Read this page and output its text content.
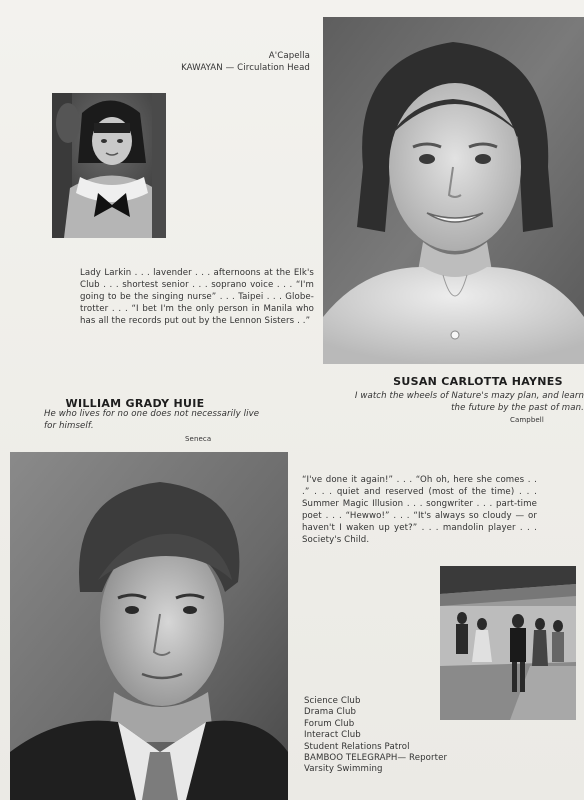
A'Capella
KAWAYAN — Circulation Head
Lady Larkin . . . lavender . . . afternoons at the Elk's Club . . . shortest senior . . . soprano voice . . . “I'm going to be the singing nurse” . . . Taipei . . . Globe-trotter . . . “I bet I'm the only person in Manila who has all the records put out by the Lennon Sisters . .”
WILLIAM GRADY HUIE
He who lives for no one does not necessarily live for himself.
Seneca
SUSAN CARLOTTA HAYNES
I watch the wheels of Nature's mazy plan, and learn the future by the past of man.
Campbell
“I've done it again!” . . . “Oh oh, here she comes . . .” . . . quiet and reserved (most of the time) . . . Summer Magic Illusion . . . songwriter . . . part-time poet . . . “Hewwo!” . . . “It's always so cloudy — or haven't I waken up yet?” . . . mandolin player . . . Society's Child.
Science Club
Drama Club
Forum Club
Interact Club
Student Relations Patrol
BAMBOO TELEGRAPH— Reporter
Varsity Swimming
